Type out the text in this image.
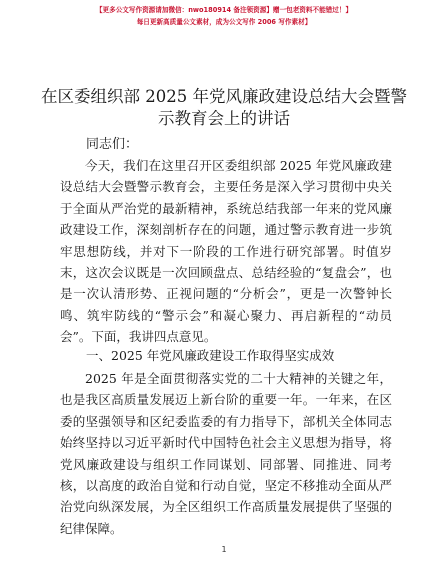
【更多公文写作资源请加微信：nwo180914 备注领资源】赠一包老资料不能错过！】
每日更新高质量公文素材，成为公文写作 2006 写作素材】
在区委组织部 2025 年党风廉政建设总结大会暨警示教育会上的讲话
同志们：
今天，我们在这里召开区委组织部 2025 年党风廉政建设总结大会暨警示教育会，主要任务是深入学习贯彻中央关于全面从严治党的最新精神，系统总结我部一年来的党风廉政建设工作，深刻剖析存在的问题，通过警示教育进一步筑牢思想防线，并对下一阶段的工作进行研究部署。时值岁末，这次会议既是一次回顾盘点、总结经验的“复盘会”，也是一次认清形势、正视问题的“分析会”，更是一次警钟长鸣、筑牢防线的“警示会”和凝心聚力、再启新程的“动员会”。下面，我讲四点意见。
一、2025 年党风廉政建设工作取得坚实成效
2025 年是全面贯彻落实党的二十大精神的关键之年，也是我区高质量发展迈上新台阶的重要一年。一年来，在区委的坚强领导和区纪委监委的有力指导下，部机关全体同志始终坚持以习近平新时代中国特色社会主义思想为指导，将党风廉政建设与组织工作同谋划、同部署、同推进、同考核，以高度的政治自觉和行动自觉，坚定不移推动全面从严治党向纵深发展，为全区组织工作高质量发展提供了坚强的纪律保障。
1
